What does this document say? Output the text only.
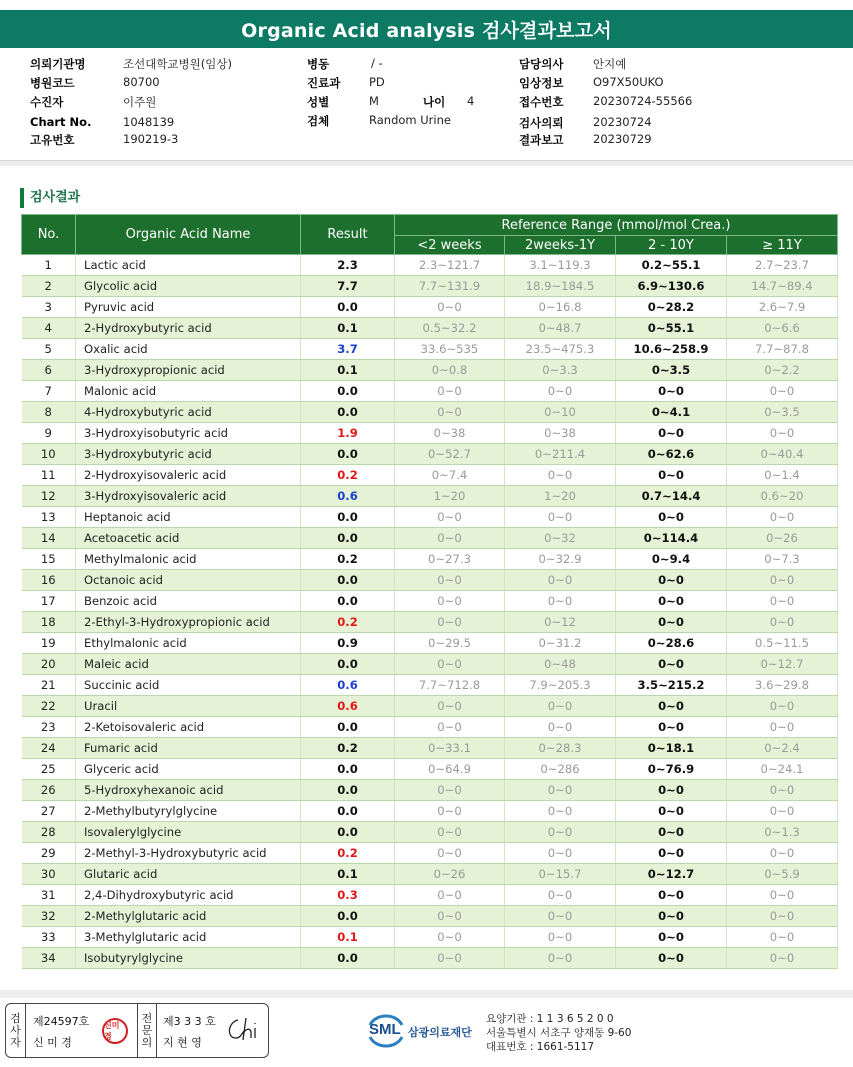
Organic Acid analysis 검사결과보고서
의뢰기관명	조선대학교병원(임상)
병원코드	80700
수진자	이주원
Chart No.	1048139
고유번호	190219-3
병동	/ -
진료과 PD
성별	M	나이 4
검체	Random Urine
담당의사	안지예
임상정보	O97X50UKO
접수번호	20230724-55566
검사의뢰	20230724
결과보고	20230729
검사결과
No.	Organic Acid Name	Result	Reference Range (mmol/mol Crea.)			
			<2 weeks	2weeks-1Y	2 - 10Y	≥ 11Y
1	Lactic acid	2.3	2.3~121.7	3.1~119.3	0.2~55.1	2.7~23.7
2	Glycolic acid	7.7	7.7~131.9	18.9~184.5	6.9~130.6	14.7~89.4
3	Pyruvic acid	0.0	0~0	0~16.8	0~28.2	2.6~7.9
4	2-Hydroxybutyric acid	0.1	0.5~32.2	0~48.7	0~55.1	0~6.6
5	Oxalic acid	3.7	33.6~535	23.5~475.3	10.6~258.9	7.7~87.8
6	3-Hydroxypropionic acid	0.1	0~0.8	0~3.3	0~3.5	0~2.2
7	Malonic acid	0.0	0~0	0~0	0~0	0~0
8	4-Hydroxybutyric acid	0.0	0~0	0~10	0~4.1	0~3.5
9	3-Hydroxyisobutyric acid	1.9	0~38	0~38	0~0	0~0
10	3-Hydroxybutyric acid	0.0	0~52.7	0~211.4	0~62.6	0~40.4
11	2-Hydroxyisovaleric acid	0.2	0~7.4	0~0	0~0	0~1.4
12	3-Hydroxyisovaleric acid	0.6	1~20	1~20	0.7~14.4	0.6~20
13	Heptanoic acid	0.0	0~0	0~0	0~0	0~0
14	Acetoacetic acid	0.0	0~0	0~32	0~114.4	0~26
15	Methylmalonic acid	0.2	0~27.3	0~32.9	0~9.4	0~7.3
16	Octanoic acid	0.0	0~0	0~0	0~0	0~0
17	Benzoic acid	0.0	0~0	0~0	0~0	0~0
18	2-Ethyl-3-Hydroxypropionic acid	0.2	0~0	0~12	0~0	0~0
19	Ethylmalonic acid	0.9	0~29.5	0~31.2	0~28.6	0.5~11.5
20	Maleic acid	0.0	0~0	0~48	0~0	0~12.7
21	Succinic acid	0.6	7.7~712.8	7.9~205.3	3.5~215.2	3.6~29.8
22	Uracil	0.6	0~0	0~0	0~0	0~0
23	2-Ketoisovaleric acid	0.0	0~0	0~0	0~0	0~0
24	Fumaric acid	0.2	0~33.1	0~28.3	0~18.1	0~2.4
25	Glyceric acid	0.0	0~64.9	0~286	0~76.9	0~24.1
26	5-Hydroxyhexanoic acid	0.0	0~0	0~0	0~0	0~0
27	2-Methylbutyrylglycine	0.0	0~0	0~0	0~0	0~0
28	Isovalerylglycine	0.0	0~0	0~0	0~0	0~1.3
29	2-Methyl-3-Hydroxybutyric acid	0.2	0~0	0~0	0~0	0~0
30	Glutaric acid	0.1	0~26	0~15.7	0~12.7	0~5.9
31	2,4-Dihydroxybutyric acid	0.3	0~0	0~0	0~0	0~0
32	2-Methylglutaric acid	0.0	0~0	0~0	0~0	0~0
33	3-Methylglutaric acid	0.1	0~0	0~0	0~0	0~0
34	Isobutyrylglycine	0.0	0~0	0~0	0~0	0~0
검
사
자
제24597호
신 미 경
신미경
전
문
의
제3 3 3 호
지 현 영
SML 삼광의료재단
요양기관 : 1 1 3 6 5 2 0 0
서울특별시 서초구 양재동 9-60
대표번호 : 1661-5117
